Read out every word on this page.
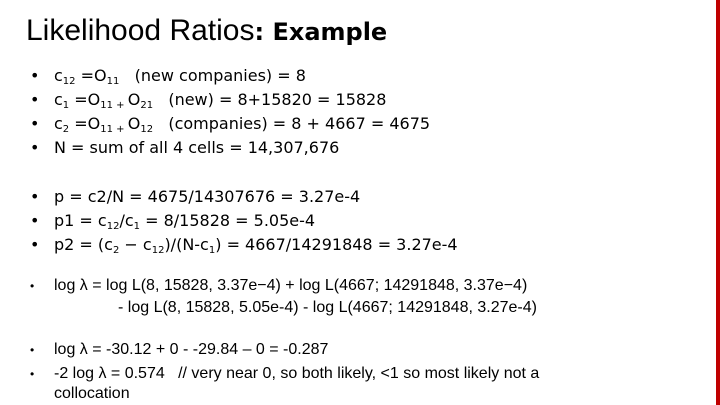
Likelihood Ratios: Example
• $c_{12} =O_{11}$   (new companies) = 8
• $c_1 =O_{11 +}$ $O_{21}$   (new) = 8+15820 = 15828
• $c_2 =O_{11 +}$ $O_{12}$   (companies) = 8 + 4667 = 4675
• N = sum of all 4 cells = 14,307,676
• p = c2/N = 4675/14307676 = 3.27e-4
• $p1 = c_{12}/c_1 = 8/15828 = 5.05e-4$
• $p2 = (c_2 - c_{12})/(N-c_1) = 4667/14291848 = 3.27e-4$
• log λ = log L(8, 15828, 3.37e−4) + log L(4667; 14291848, 3.37e−4)
- log L(8, 15828, 5.05e-4) - log L(4667; 14291848, 3.27e-4)
• log λ = -30.12 + 0 - -29.84 – 0 = -0.287
• -2 log λ = 0.574   // very near 0, so both likely, <1 so most likely not a
collocation
